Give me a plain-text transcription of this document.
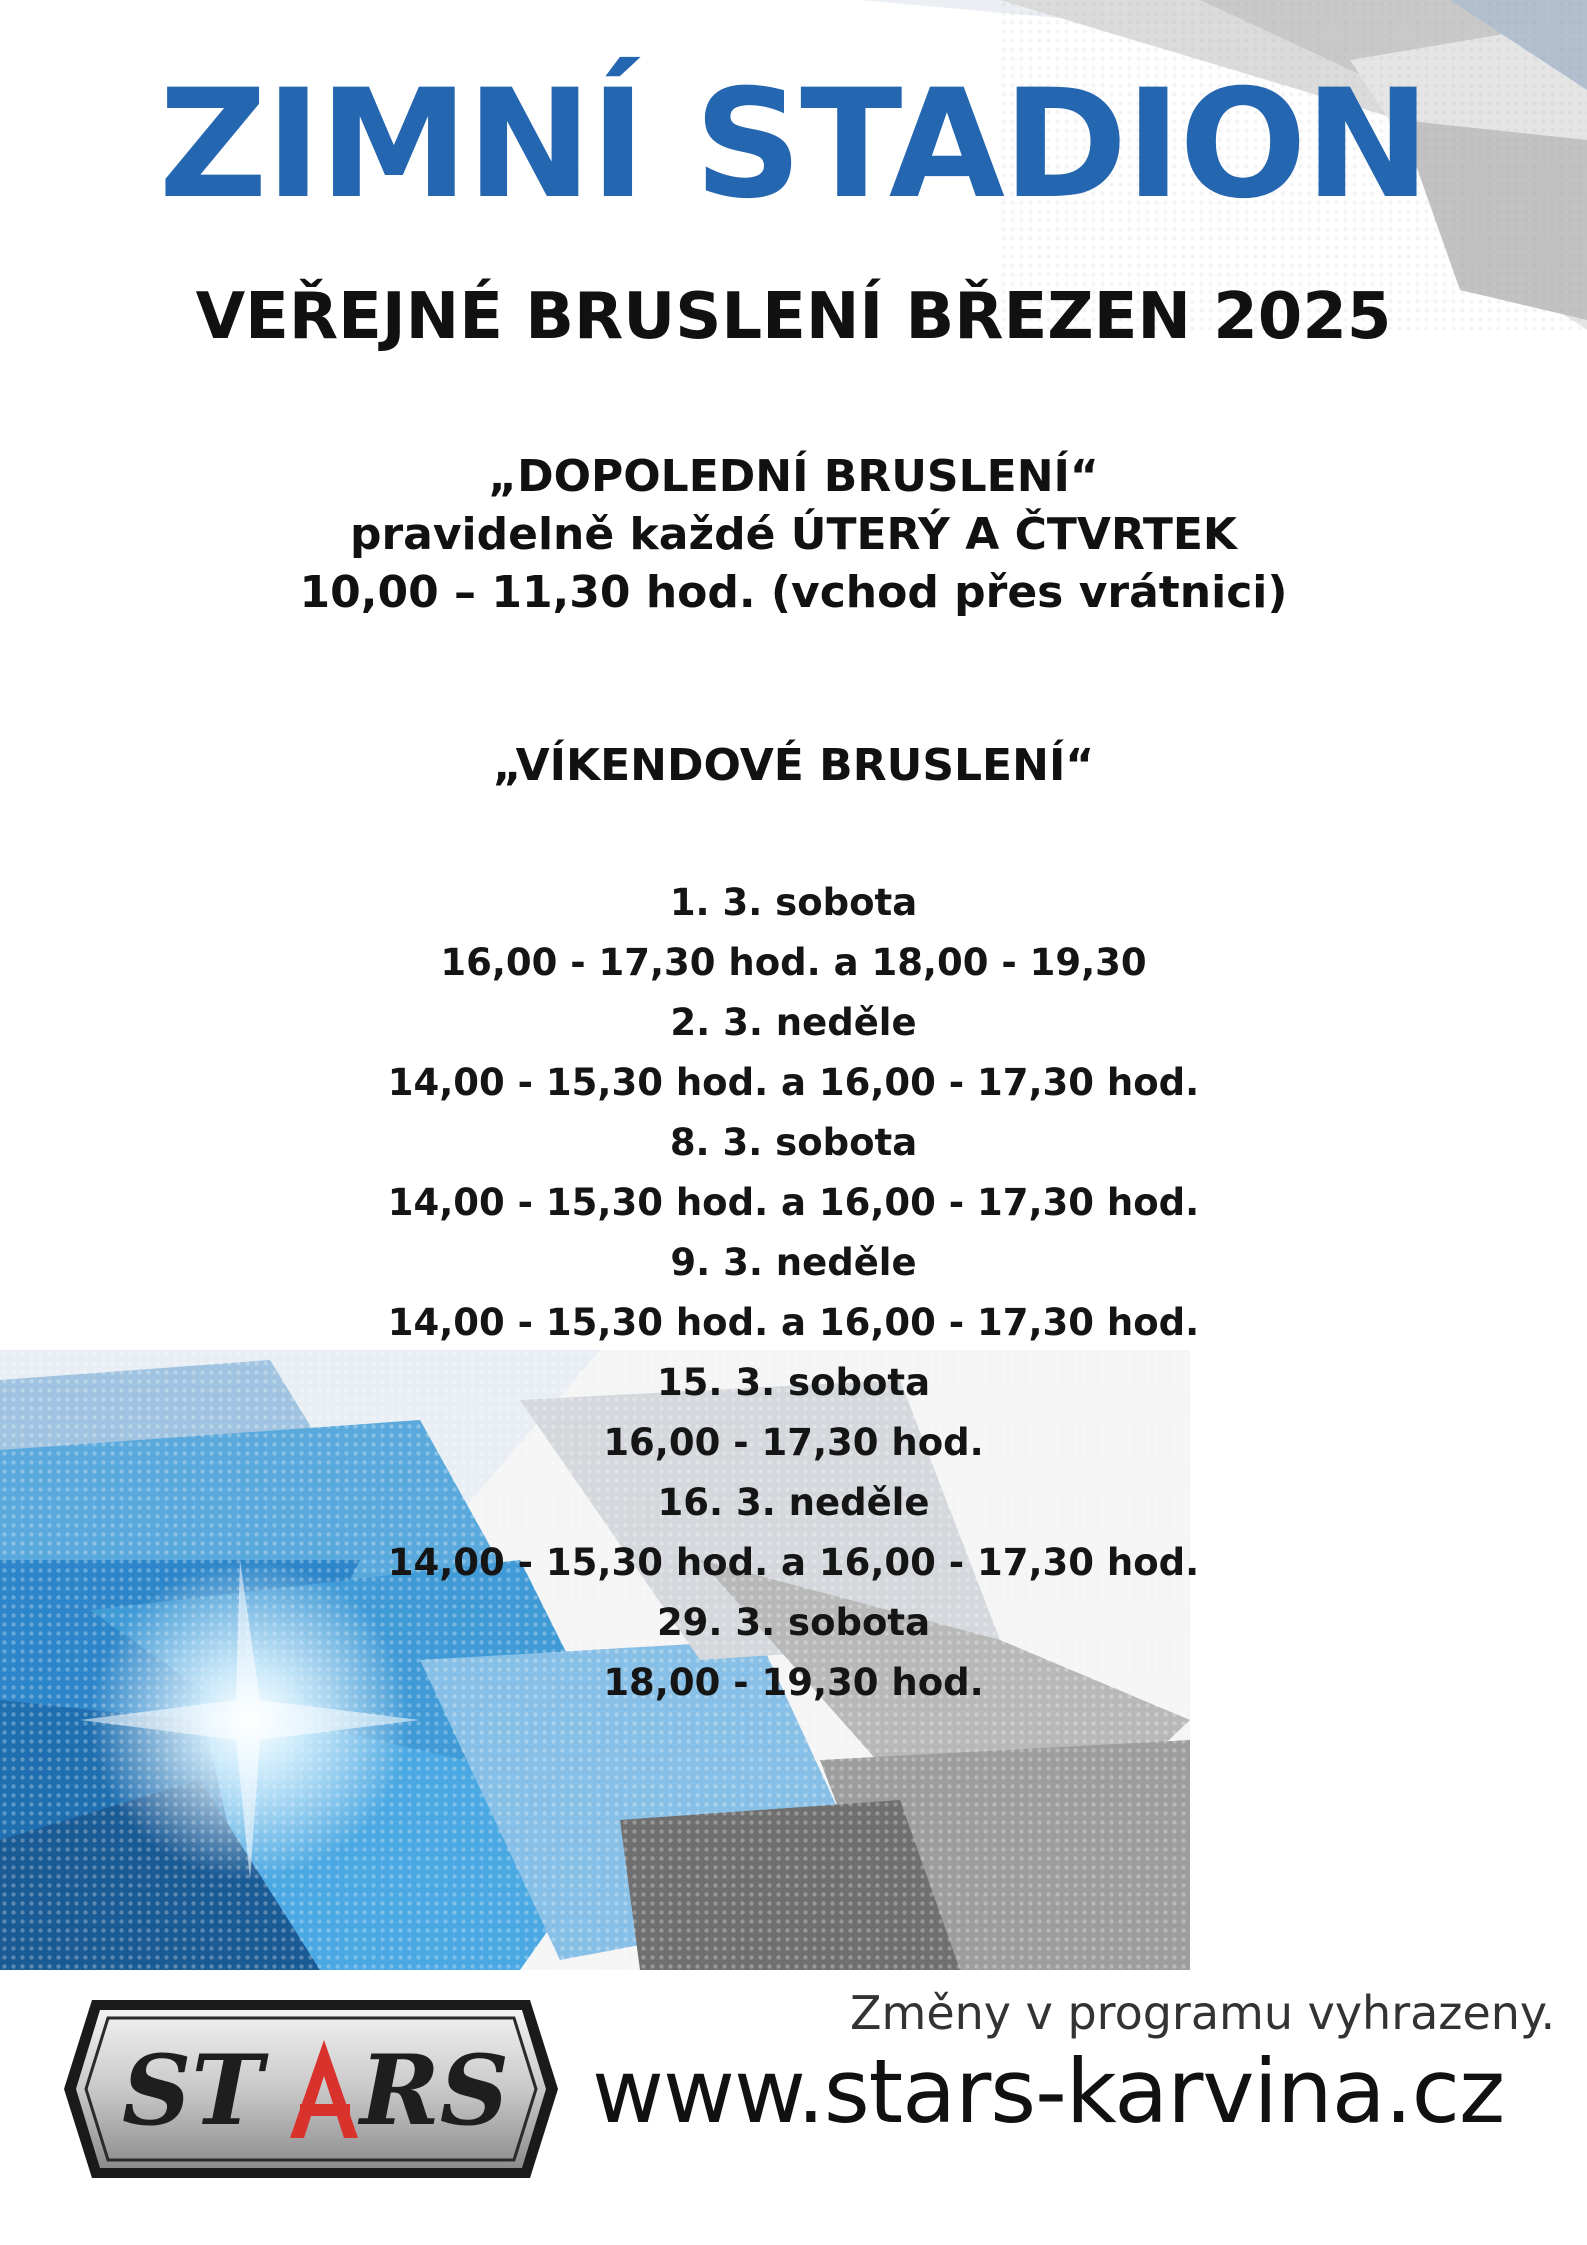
ZIMNÍ STADION
VEŘEJNÉ BRUSLENÍ BŘEZEN 2025
„DOPOLEDNÍ BRUSLENÍ“
pravidelně každé ÚTERÝ A ČTVRTEK
10,00 – 11,30 hod. (vchod přes vrátnici)
„VÍKENDOVÉ BRUSLENÍ“
1. 3. sobota
16,00 - 17,30 hod. a 18,00 - 19,30
2. 3. neděle
14,00 - 15,30 hod. a 16,00 - 17,30 hod.
8. 3. sobota
14,00 - 15,30 hod. a 16,00 - 17,30 hod.
9. 3. neděle
14,00 - 15,30 hod. a 16,00 - 17,30 hod.
15. 3. sobota
16,00 - 17,30 hod.
16. 3. neděle
14,00 - 15,30 hod. a 16,00 - 17,30 hod.
29. 3. sobota
18,00 - 19,30 hod.
ST RS
Změny v programu vyhrazeny.
www.stars-karvina.cz
